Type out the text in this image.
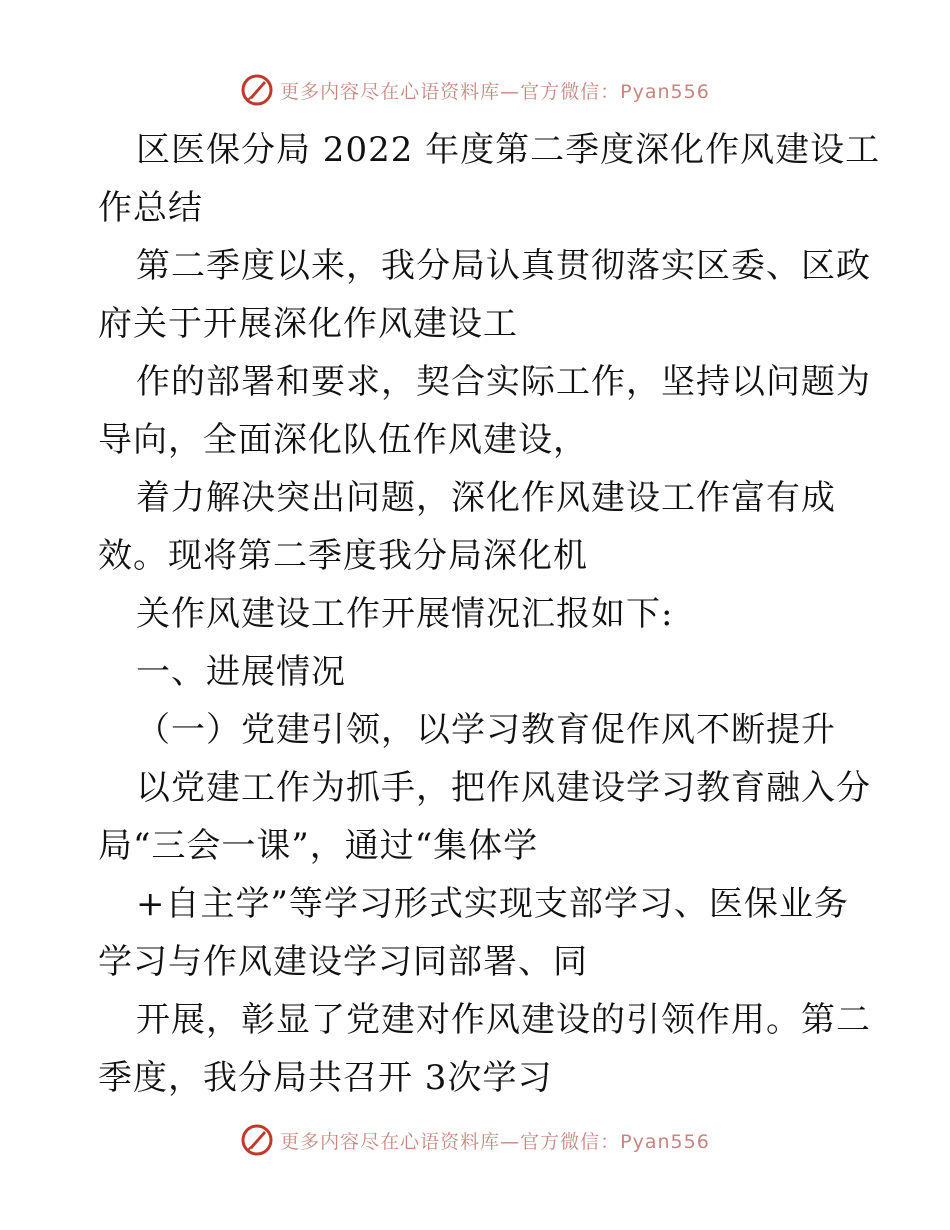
更多内容尽在心语资料库—官方微信：Pyan556
区医保分局 2022 年度第二季度深化作风建设工
作总结
第二季度以来，我分局认真贯彻落实区委、区政
府关于开展深化作风建设工
作的部署和要求，契合实际工作，坚持以问题为
导向，全面深化队伍作风建设，
着力解决突出问题，深化作风建设工作富有成
效。现将第二季度我分局深化机
关作风建设工作开展情况汇报如下:
一、进展情况
（一）党建引领，以学习教育促作风不断提升
以党建工作为抓手，把作风建设学习教育融入分
局“三会一课”，通过“集体学
+自主学”等学习形式实现支部学习、医保业务
学习与作风建设学习同部署、同
开展，彰显了党建对作风建设的引领作用。第二
季度，我分局共召开 3次学习
更多内容尽在心语资料库—官方微信：Pyan556
